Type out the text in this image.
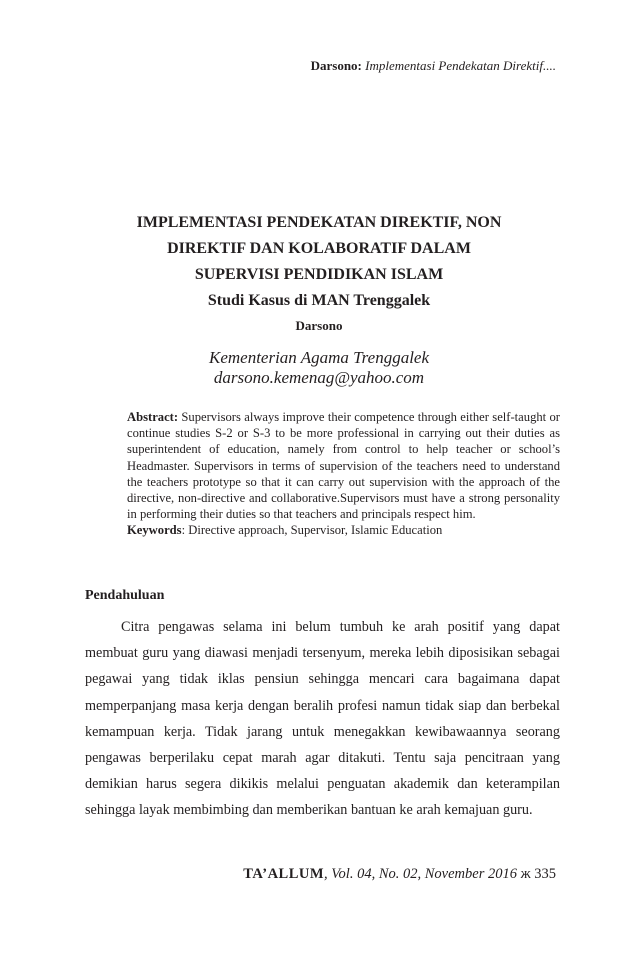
Darsono: Implementasi Pendekatan Direktif....
IMPLEMENTASI PENDEKATAN DIREKTIF, NON
DIREKTIF DAN KOLABORATIF DALAM
SUPERVISI PENDIDIKAN ISLAM
Studi Kasus di MAN Trenggalek
Darsono
Kementerian Agama Trenggalek
darsono.kemenag@yahoo.com

Abstract: Supervisors always improve their competence through either self-taught or continue studies S-2 or S-3 to be more professional in carrying out their duties as superintendent of education, namely from control to help teacher or school’s Headmaster. Supervisors in terms of supervision of the teachers need to understand the teachers prototype so that it can carry out supervision with the approach of the directive, non-directive and collaborative.Supervisors must have a strong personality in performing their duties so that teachers and principals respect him.

Keywords: Directive approach, Supervisor, Islamic Education

Pendahuluan

Citra pengawas selama ini belum tumbuh ke arah positif yang dapat membuat guru yang diawasi menjadi tersenyum, mereka lebih diposisikan sebagai pegawai yang tidak iklas pensiun sehingga mencari cara bagaimana dapat memperpanjang masa kerja dengan beralih profesi namun tidak siap dan berbekal kemampuan kerja. Tidak jarang untuk menegakkan kewibawaannya seorang pengawas berperilaku cepat marah agar ditakuti. Tentu saja pencitraan yang demikian harus segera dikikis melalui penguatan akademik dan keterampilan sehingga layak membimbing dan memberikan bantuan ke arah kemajuan guru.

TA’ALLUM, Vol. 04, No. 02, November 2016 ж 335
